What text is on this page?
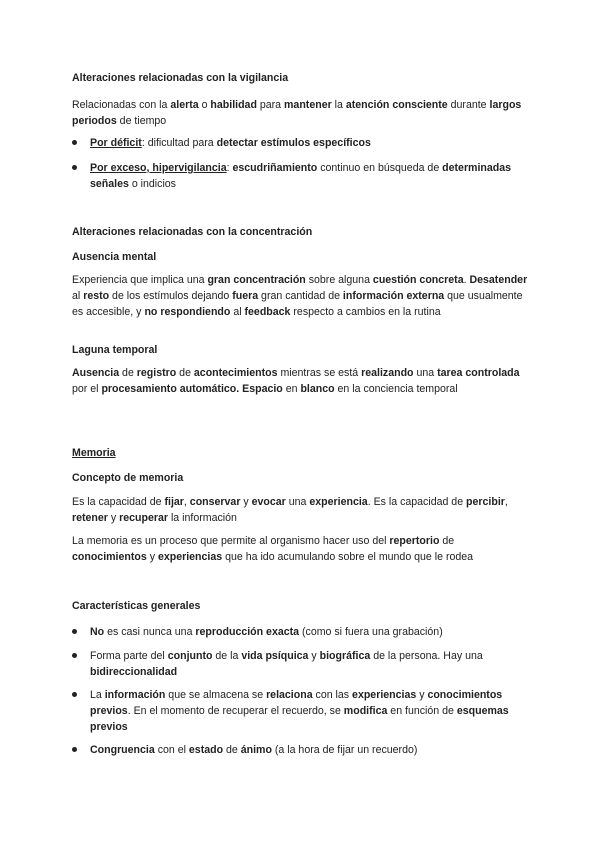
Alteraciones relacionadas con la vigilancia

Relacionadas con la alerta o habilidad para mantener la atención consciente durante largos periodos de tiempo

Por déficit: dificultad para detectar estímulos específicos
Por exceso, hipervigilancia: escudriñamiento continuo en búsqueda de determinadas señales o indicios

Alteraciones relacionadas con la concentración

Ausencia mental

Experiencia que implica una gran concentración sobre alguna cuestión concreta. Desatender al resto de los estímulos dejando fuera gran cantidad de información externa que usualmente es accesible, y no respondiendo al feedback respecto a cambios en la rutina

Laguna temporal

Ausencia de registro de acontecimientos mientras se está realizando una tarea controlada por el procesamiento automático. Espacio en blanco en la conciencia temporal

Memoria

Concepto de memoria

Es la capacidad de fijar, conservar y evocar una experiencia. Es la capacidad de percibir, retener y recuperar la información

La memoria es un proceso que permite al organismo hacer uso del repertorio de conocimientos y experiencias que ha ido acumulando sobre el mundo que le rodea

Características generales

No es casi nunca una reproducción exacta (como si fuera una grabación)
Forma parte del conjunto de la vida psíquica y biográfica de la persona. Hay una bidireccionalidad
La información que se almacena se relaciona con las experiencias y conocimientos previos. En el momento de recuperar el recuerdo, se modifica en función de esquemas previos
Congruencia con el estado de ánimo (a la hora de fijar un recuerdo)
